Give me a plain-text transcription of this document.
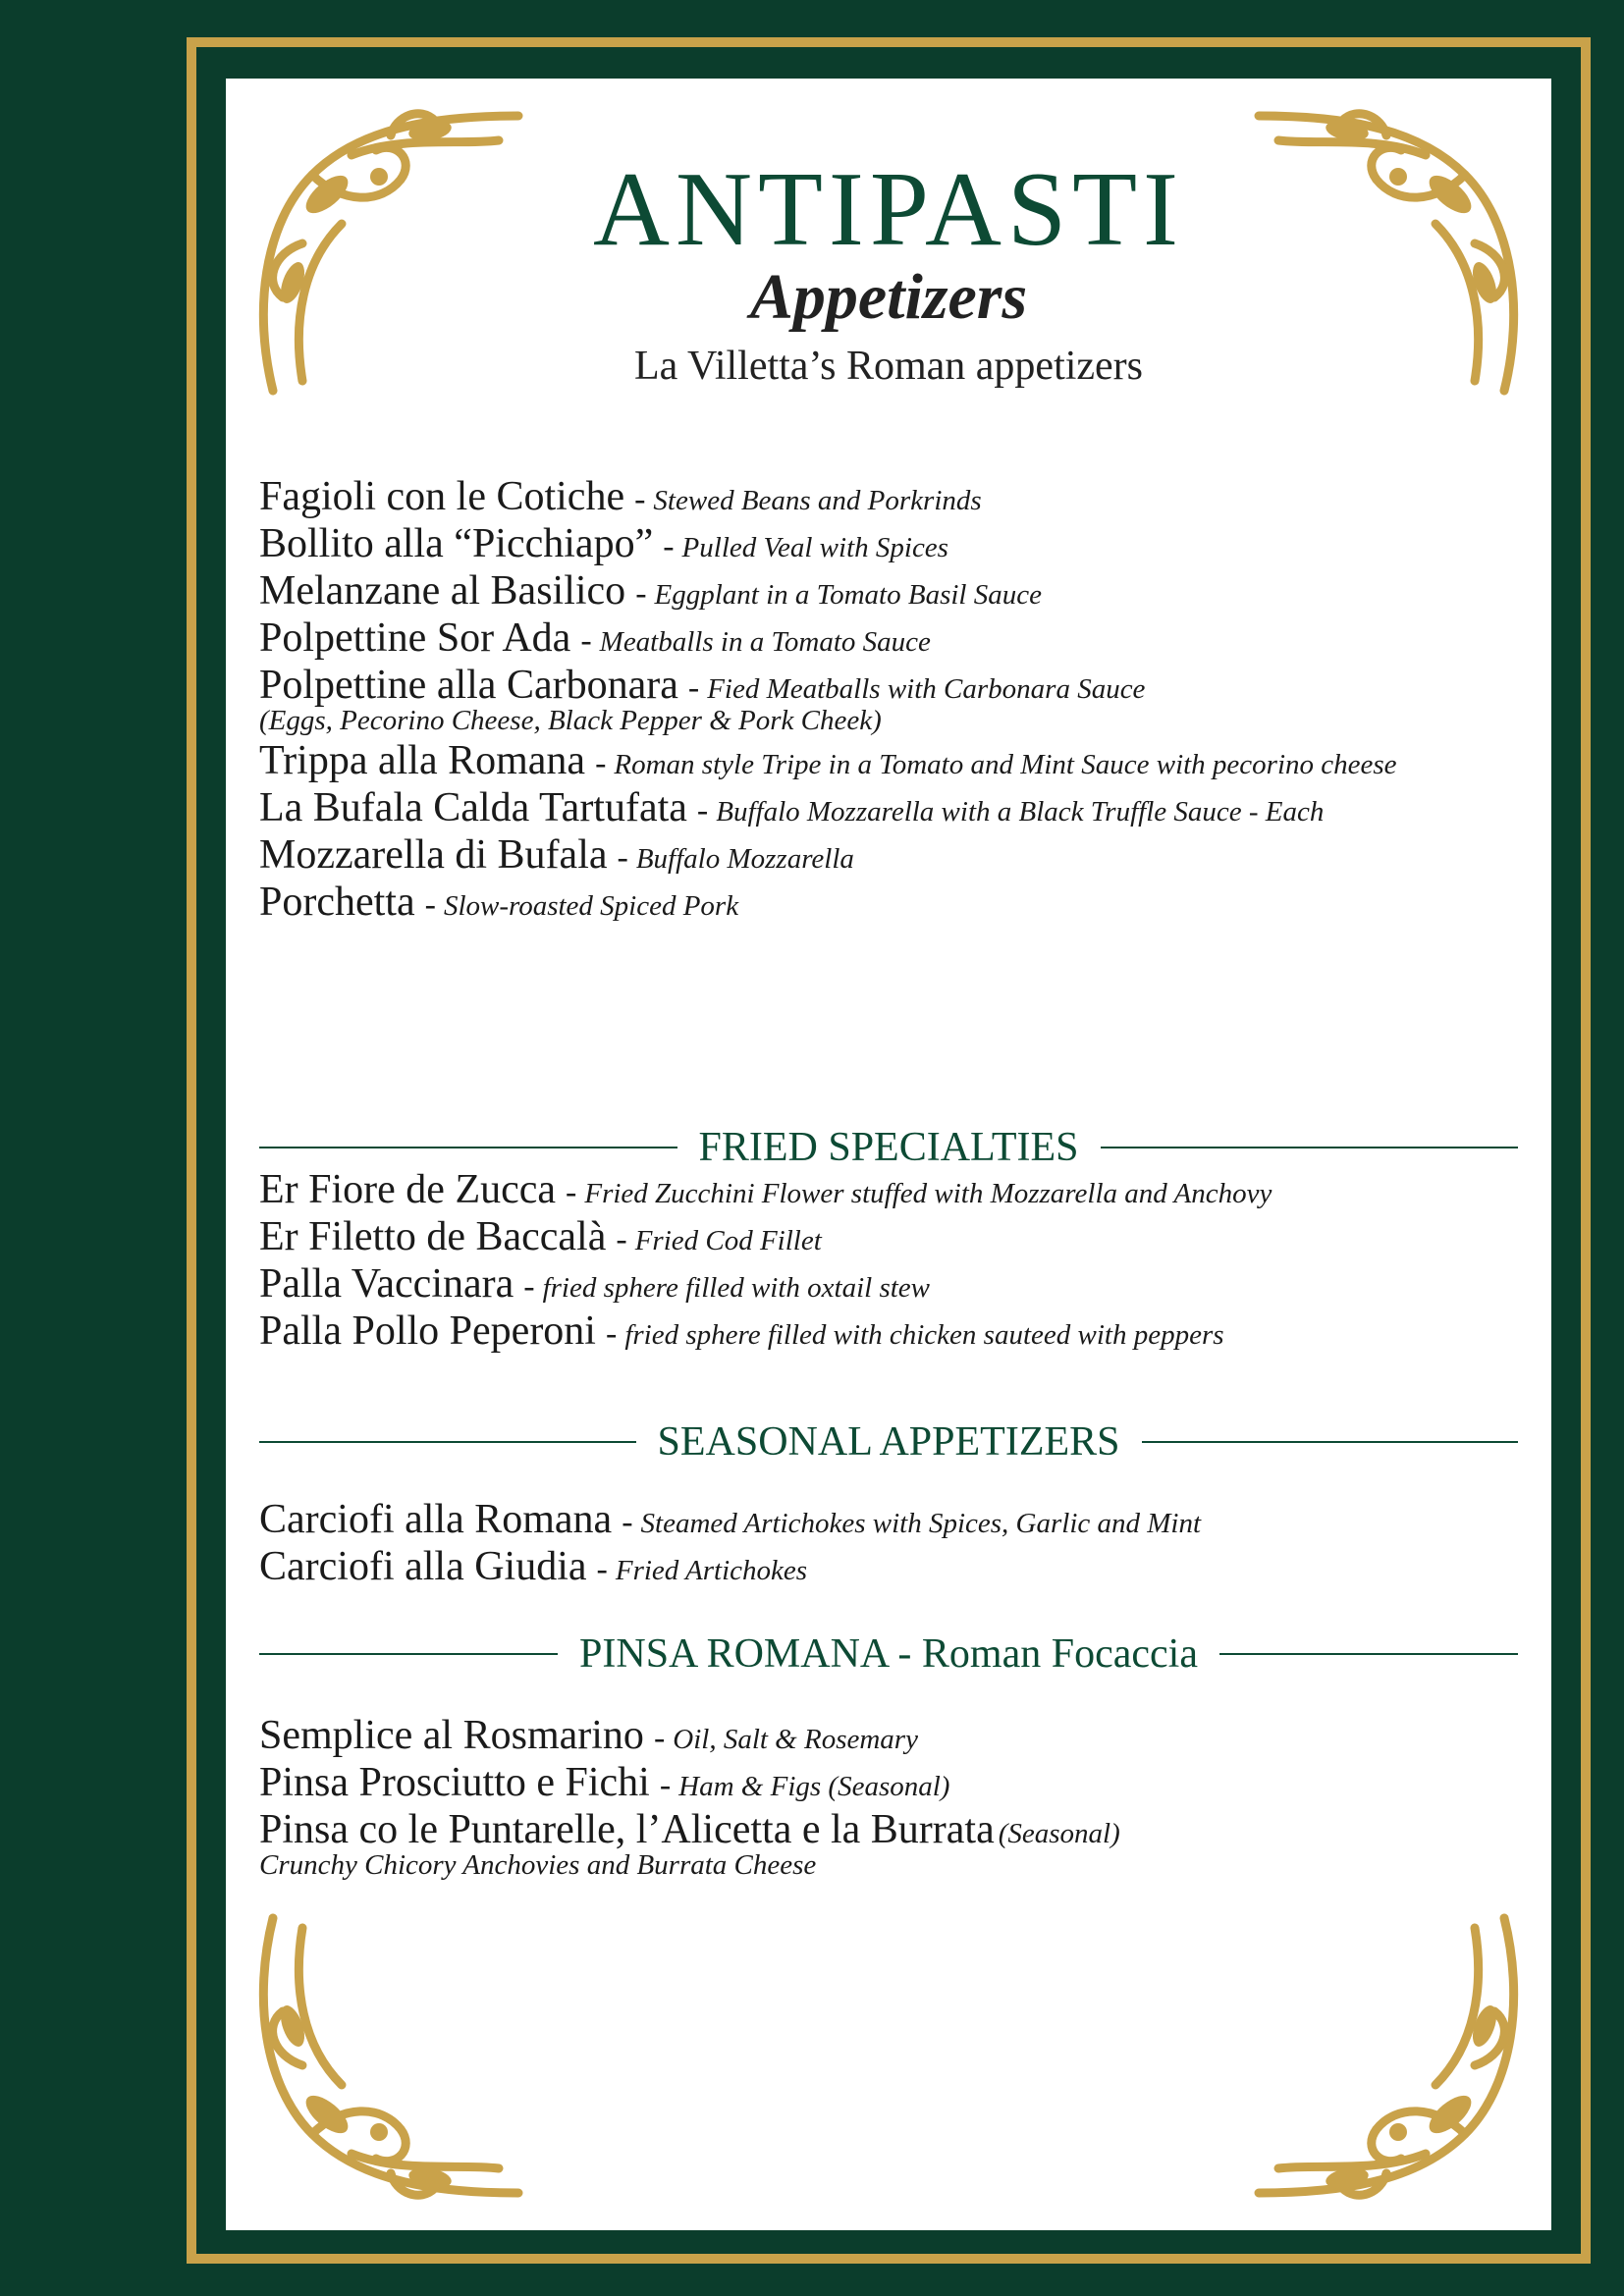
ANTIPASTI
Appetizers
La Villetta’s Roman appetizers
Fagioli con le Cotiche - Stewed Beans and Porkrinds
Bollito alla “Picchiapo” - Pulled Veal with Spices
Melanzane al Basilico - Eggplant in a Tomato Basil Sauce
Polpettine Sor Ada - Meatballs in a Tomato Sauce
Polpettine alla Carbonara - Fied Meatballs with Carbonara Sauce
(Eggs, Pecorino Cheese, Black Pepper & Pork Cheek)
Trippa alla Romana - Roman style Tripe in a Tomato and Mint Sauce with pecorino cheese
La Bufala Calda Tartufata - Buffalo Mozzarella with a Black Truffle Sauce - Each
Mozzarella di Bufala - Buffalo Mozzarella
Porchetta - Slow-roasted Spiced Pork
FRIED SPECIALTIES
Er Fiore de Zucca - Fried Zucchini Flower stuffed with Mozzarella and Anchovy
Er Filetto de Baccalà - Fried Cod Fillet
Palla Vaccinara - fried sphere filled with oxtail stew
Palla Pollo Peperoni - fried sphere filled with chicken sauteed with peppers
SEASONAL APPETIZERS
Carciofi alla Romana - Steamed Artichokes with Spices, Garlic and Mint
Carciofi alla Giudia - Fried Artichokes
PINSA ROMANA - Roman Focaccia
Semplice al Rosmarino - Oil, Salt & Rosemary
Pinsa Prosciutto e Fichi - Ham & Figs (Seasonal)
Pinsa co le Puntarelle, l’Alicetta e la Burrata (Seasonal)
Crunchy Chicory Anchovies and Burrata Cheese
